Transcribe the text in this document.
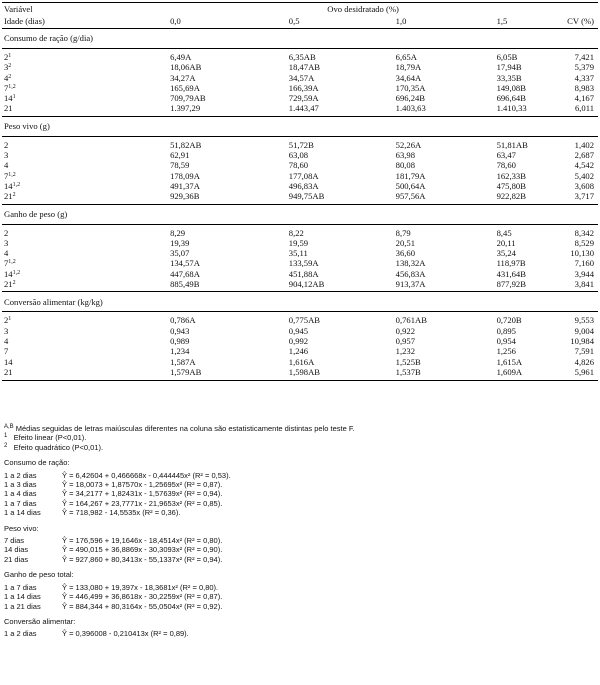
Variável	Ovo desidratado (%)				
Idade (dias)	0,0	0,5	1,0	1,5	CV (%)
Consumo de ração (g/dia)					

$2^1$	6,49A	6,35AB	6,65A	6,05B	7,421
$3^2$	18,06AB	18,47AB	18,79A	17,94B	5,379
$4^2$	34,27A	34,57A	34,64A	33,35B	4,337
7$^{1,2}$	165,69A	166,39A	170,35A	149,08B	8,983
$14^1$	709,79AB	729,59A	696,24B	696,64B	4,167
21	1.397,29	1.443,47	1.403,63	1.410,33	6,011

Peso vivo (g)					

2	51,82AB	51,72B	52,26A	51,81AB	1,402
3	62,91	63,08	63,98	63,47	2,687
4	78,59	78,60	80,08	78,60	4,542
7$^{1,2}$	178,09A	177,08A	181,79A	162,33B	5,402
14$^{1,2}$	491,37A	496,83A	500,64A	475,80B	3,608
$21^2$	929,36B	949,75AB	957,56A	922,82B	3,717

Ganho de peso (g)					

2	8,29	8,22	8,79	8,45	8,342
3	19,39	19,59	20,51	20,11	8,529
4	35,07	35,11	36,60	35,24	10,130
7$^{1,2}$	134,57A	133,59A	138,32A	118,97B	7,160
14$^{1,2}$	447,68A	451,88A	456,83A	431,64B	3,944
$21^2$	885,49B	904,12AB	913,37A	877,92B	3,841

Conversão alimentar (kg/kg)					

$2^1$	0,786A	0,775AB	0,761AB	0,720B	9,553
3	0,943	0,945	0,922	0,895	9,004
4	0,989	0,992	0,957	0,954	10,984
7	1,234	1,246	1,232	1,256	7,591
14	1,587A	1,616A	1,525B	1,615A	4,826
21	1,579AB	1,598AB	1,537B	1,609A	5,961

$^{A,B}$ Médias seguidas de letras maiúsculas diferentes na coluna são estatisticamente distintas pelo teste F.
$^1$ Efeito linear (P<0,01).
$^2$ Efeito quadrático (P<0,01).
Consumo de ração:
1 a 2 dias	Ŷ = 6,42604 + 0,466668x - 0,444445x² (R² = 0,53).
1 a 3 dias	Ŷ = 18,0073 + 1,87570x - 1,25695x² (R² = 0,87).
1 a 4 dias	Ŷ = 34,2177 + 1,82431x - 1,57639x² (R² = 0,94).
1 a 7 dias	Ŷ = 164,267 + 23,7771x - 21,9653x² (R² = 0,85).
1 a 14 dias	Ŷ = 718,982 - 14,5535x (R² = 0,36).
Peso vivo:
7 dias	Ŷ = 176,596 + 19,1646x - 18,4514x² (R² = 0,80).
14 dias	Ŷ = 490,015 + 36,8869x - 30,3093x² (R² = 0,90).
21 dias	Ŷ = 927,860 + 80,3413x - 55,1337x² (R² = 0,94).
Ganho de peso total:
1 a 7 dias	Ŷ = 133,080 + 19,397x - 18,3681x² (R² = 0,80).
1 a 14 dias	Ŷ = 446,499 + 36,8618x - 30,2259x² (R² = 0,87).
1 a 21 dias	Ŷ = 884,344 + 80,3164x - 55,0504x² (R² = 0,92).
Conversão alimentar:
1 a 2 dias	Ŷ = 0,396008 - 0,210413x (R² = 0,89).
